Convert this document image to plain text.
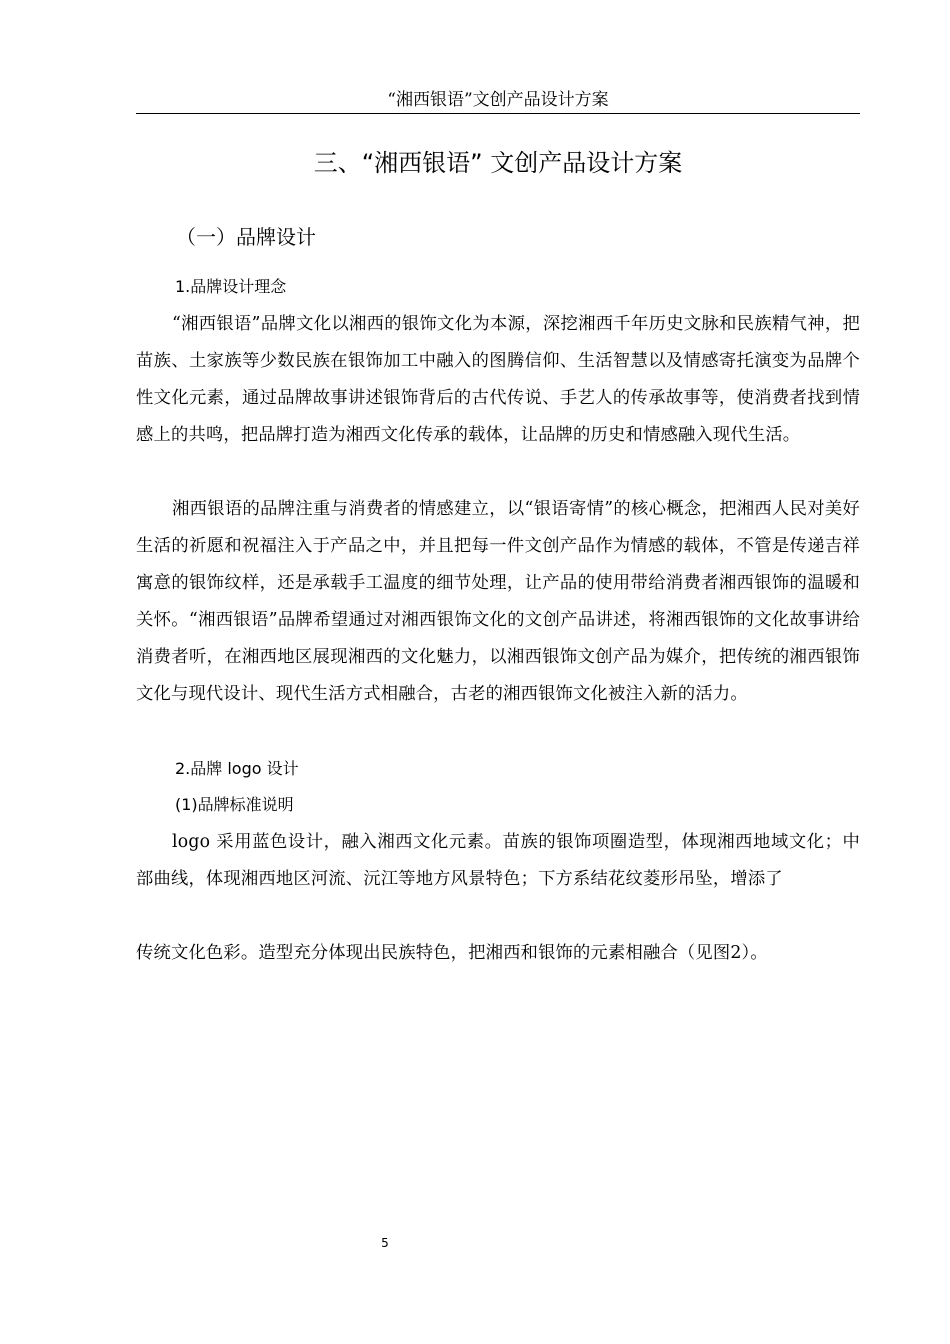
“湘西银语”文创产品设计方案
三、“湘西银语” 文创产品设计方案
（一）品牌设计
1.品牌设计理念
“湘西银语”品牌文化以湘西的银饰文化为本源，深挖湘西千年历史文脉和民族精气神，把苗族、土家族等少数民族在银饰加工中融入的图腾信仰、生活智慧以及情感寄托演变为品牌个性文化元素，通过品牌故事讲述银饰背后的古代传说、手艺人的传承故事等，使消费者找到情感上的共鸣，把品牌打造为湘西文化传承的载体，让品牌的历史和情感融入现代生活。
湘西银语的品牌注重与消费者的情感建立，以“银语寄情”的核心概念，把湘西人民对美好生活的祈愿和祝福注入于产品之中，并且把每一件文创产品作为情感的载体，不管是传递吉祥寓意的银饰纹样，还是承载手工温度的细节处理，让产品的使用带给消费者湘西银饰的温暖和关怀。“湘西银语”品牌希望通过对湘西银饰文化的文创产品讲述，将湘西银饰的文化故事讲给消费者听，在湘西地区展现湘西的文化魅力，以湘西银饰文创产品为媒介，把传统的湘西银饰文化与现代设计、现代生活方式相融合，古老的湘西银饰文化被注入新的活力。
2.品牌 logo 设计
(1)品牌标准说明
logo 采用蓝色设计，融入湘西文化元素。苗族的银饰项圈造型，体现湘西地域文化；中部曲线，体现湘西地区河流、沅江等地方风景特色；下方系结花纹菱形吊坠，增添了
传统文化色彩。造型充分体现出民族特色，把湘西和银饰的元素相融合（见图2）。
5
